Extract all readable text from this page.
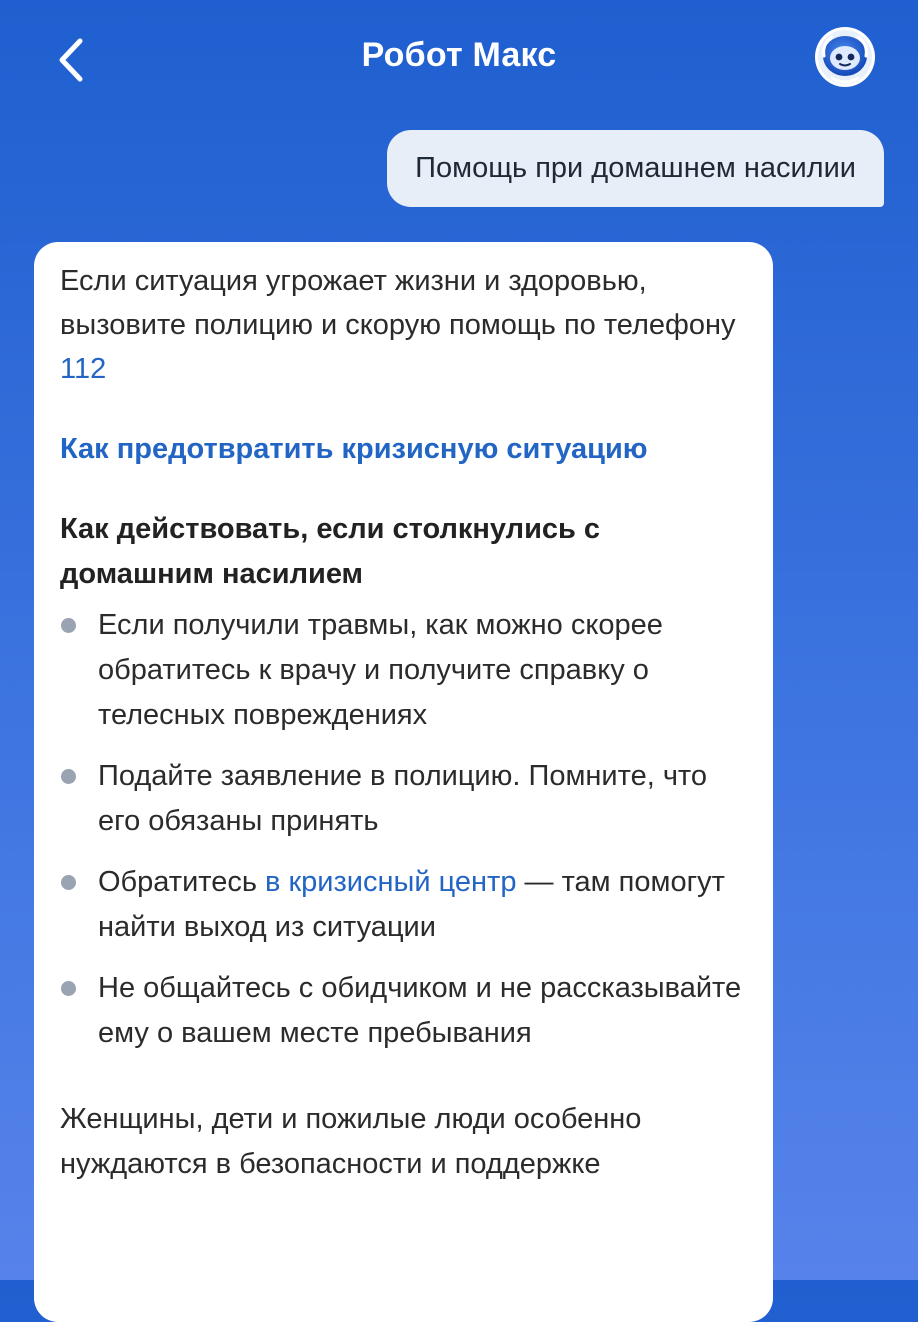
Робот Макс
Помощь при домашнем насилии

Если ситуация угрожает жизни и здоровью, вызовите полицию и скорую помощь по телефону 112

Как предотвратить кризисную ситуацию
Как действовать, если столкнулись с домашним насилием
Если получили травмы, как можно скорее обратитесь к врачу и получите справку о телесных повреждениях
Подайте заявление в полицию. Помните, что его обязаны принять
Обратитесь в кризисный центр — там помогут найти выход из ситуации
Не общайтесь с обидчиком и не рассказывайте ему о вашем месте пребывания
Женщины, дети и пожилые люди особенно нуждаются в безопасности и поддержке
